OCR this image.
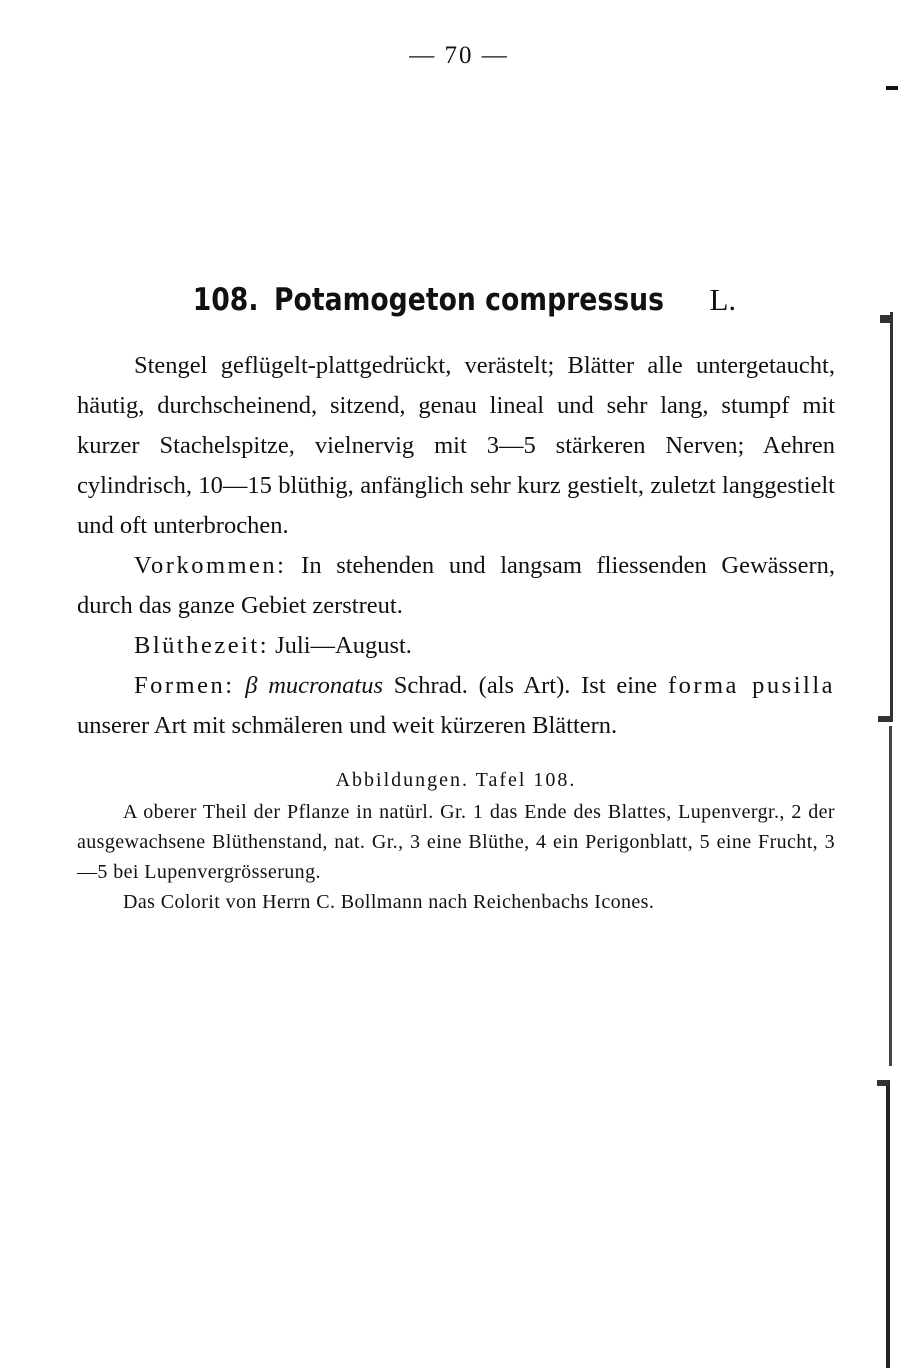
— 70 —
108. Potamogeton compressus L.

Stengel geflügelt-plattgedrückt, verästelt; Blätter alle untergetaucht, häutig, durchscheinend, sitzend, genau lineal und sehr lang, stumpf mit kurzer Stachelspitze, vielnervig mit 3—5 stärkeren Nerven; Aehren cylindrisch, 10—15 blüthig, anfänglich sehr kurz gestielt, zuletzt langgestielt und oft unterbrochen.

Vorkommen: In stehenden und langsam fliessenden Gewässern, durch das ganze Gebiet zerstreut.

Blüthezeit: Juli—August.

Formen: β mucronatus Schrad. (als Art). Ist eine forma pusilla unserer Art mit schmäleren und weit kürzeren Blättern.

Abbildungen. Tafel 108.

A oberer Theil der Pflanze in natürl. Gr. 1 das Ende des Blattes, Lupenvergr., 2 der ausgewachsene Blüthenstand, nat. Gr., 3 eine Blüthe, 4 ein Perigonblatt, 5 eine Frucht, 3—5 bei Lupenvergrösserung.

Das Colorit von Herrn C. Bollmann nach Reichenbachs Icones.
